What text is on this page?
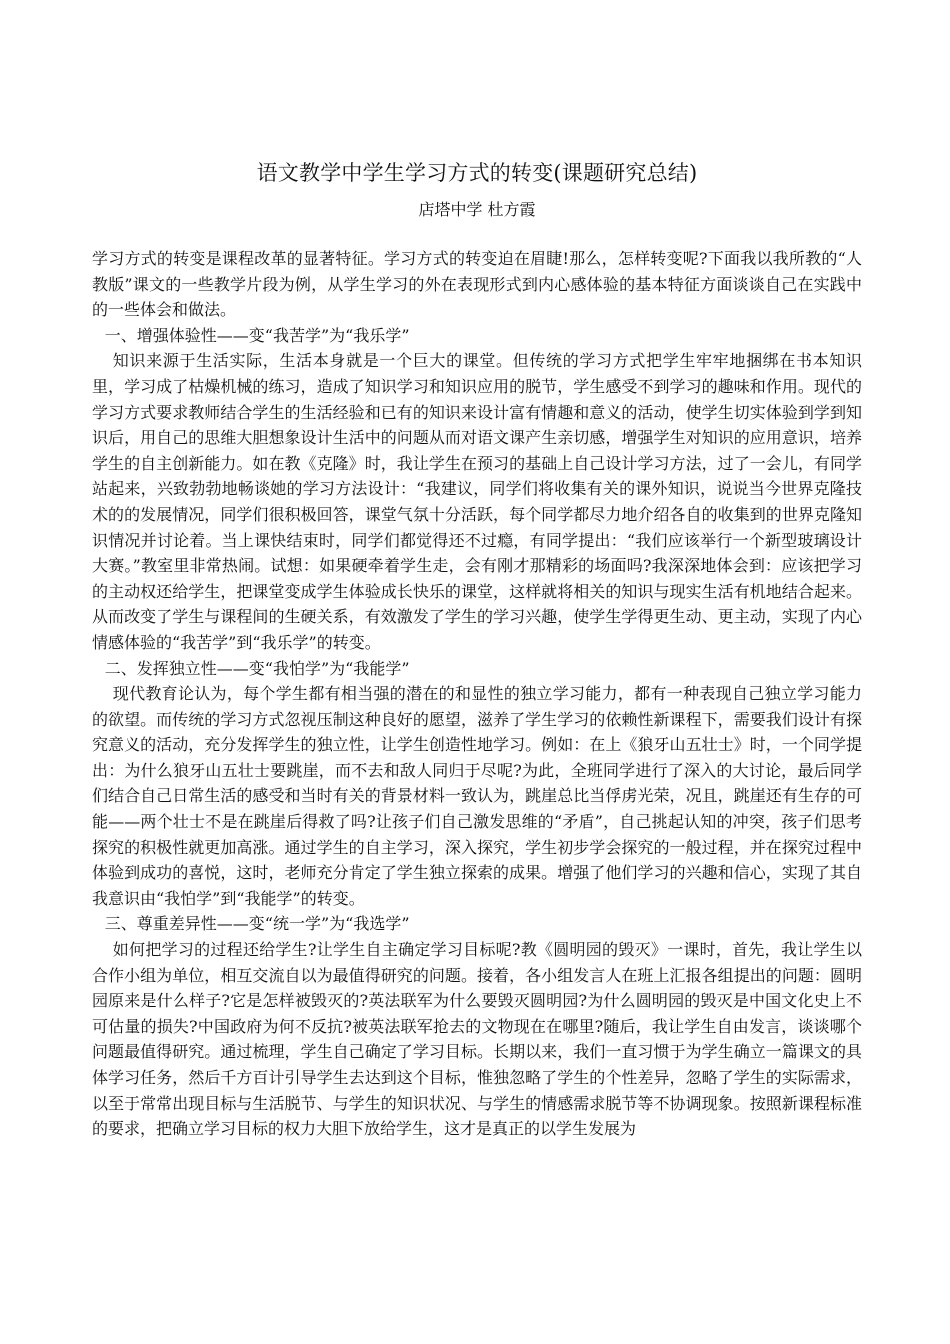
语文教学中学生学习方式的转变(课题研究总结)
店塔中学 杜方霞

学习方式的转变是课程改革的显著特征。学习方式的转变迫在眉睫!那么，怎样转变呢?下面我以我所教的“人教版”课文的一些教学片段为例，从学生学习的外在表现形式到内心感体验的基本特征方面谈谈自己在实践中的一些体会和做法。

一、增强体验性——变“我苦学”为“我乐学”

知识来源于生活实际，生活本身就是一个巨大的课堂。但传统的学习方式把学生牢牢地捆绑在书本知识里，学习成了枯燥机械的练习，造成了知识学习和知识应用的脱节，学生感受不到学习的趣味和作用。现代的学习方式要求教师结合学生的生活经验和已有的知识来设计富有情趣和意义的活动，使学生切实体验到学到知识后，用自己的思维大胆想象设计生活中的问题从而对语文课产生亲切感，增强学生对知识的应用意识，培养学生的自主创新能力。如在教《克隆》时，我让学生在预习的基础上自己设计学习方法，过了一会儿，有同学站起来，兴致勃勃地畅谈她的学习方法设计：“我建议，同学们将收集有关的课外知识，说说当今世界克隆技术的的发展情况，同学们很积极回答，课堂气氛十分活跃，每个同学都尽力地介绍各自的收集到的世界克隆知识情况并讨论着。当上课快结束时，同学们都觉得还不过瘾，有同学提出：“我们应该举行一个新型玻璃设计大赛。”教室里非常热闹。试想：如果硬牵着学生走，会有刚才那精彩的场面吗?我深深地体会到：应该把学习的主动权还给学生，把课堂变成学生体验成长快乐的课堂，这样就将相关的知识与现实生活有机地结合起来。从而改变了学生与课程间的生硬关系，有效激发了学生的学习兴趣，使学生学得更生动、更主动，实现了内心情感体验的“我苦学”到“我乐学”的转变。

二、发挥独立性——变“我怕学”为“我能学”

现代教育论认为，每个学生都有相当强的潜在的和显性的独立学习能力，都有一种表现自己独立学习能力的欲望。而传统的学习方式忽视压制这种良好的愿望，滋养了学生学习的依赖性新课程下，需要我们设计有探究意义的活动，充分发挥学生的独立性，让学生创造性地学习。例如：在上《狼牙山五壮士》时，一个同学提出：为什么狼牙山五壮士要跳崖，而不去和敌人同归于尽呢?为此，全班同学进行了深入的大讨论，最后同学们结合自己日常生活的感受和当时有关的背景材料一致认为，跳崖总比当俘虏光荣，况且，跳崖还有生存的可能——两个壮士不是在跳崖后得救了吗?让孩子们自己激发思维的“矛盾”，自己挑起认知的冲突，孩子们思考探究的积极性就更加高涨。通过学生的自主学习，深入探究，学生初步学会探究的一般过程，并在探究过程中体验到成功的喜悦，这时，老师充分肯定了学生独立探索的成果。增强了他们学习的兴趣和信心，实现了其自我意识由“我怕学”到“我能学”的转变。

三、尊重差异性——变“统一学”为“我选学”

如何把学习的过程还给学生?让学生自主确定学习目标呢?教《圆明园的毁灭》一课时，首先，我让学生以合作小组为单位，相互交流自以为最值得研究的问题。接着，各小组发言人在班上汇报各组提出的问题：圆明园原来是什么样子?它是怎样被毁灭的?英法联军为什么要毁灭圆明园?为什么圆明园的毁灭是中国文化史上不可估量的损失?中国政府为何不反抗?被英法联军抢去的文物现在在哪里?随后，我让学生自由发言，谈谈哪个问题最值得研究。通过梳理，学生自己确定了学习目标。长期以来，我们一直习惯于为学生确立一篇课文的具体学习任务，然后千方百计引导学生去达到这个目标，惟独忽略了学生的个性差异，忽略了学生的实际需求，以至于常常出现目标与生活脱节、与学生的知识状况、与学生的情感需求脱节等不协调现象。按照新课程标准的要求，把确立学习目标的权力大胆下放给学生，这才是真正的以学生发展为
